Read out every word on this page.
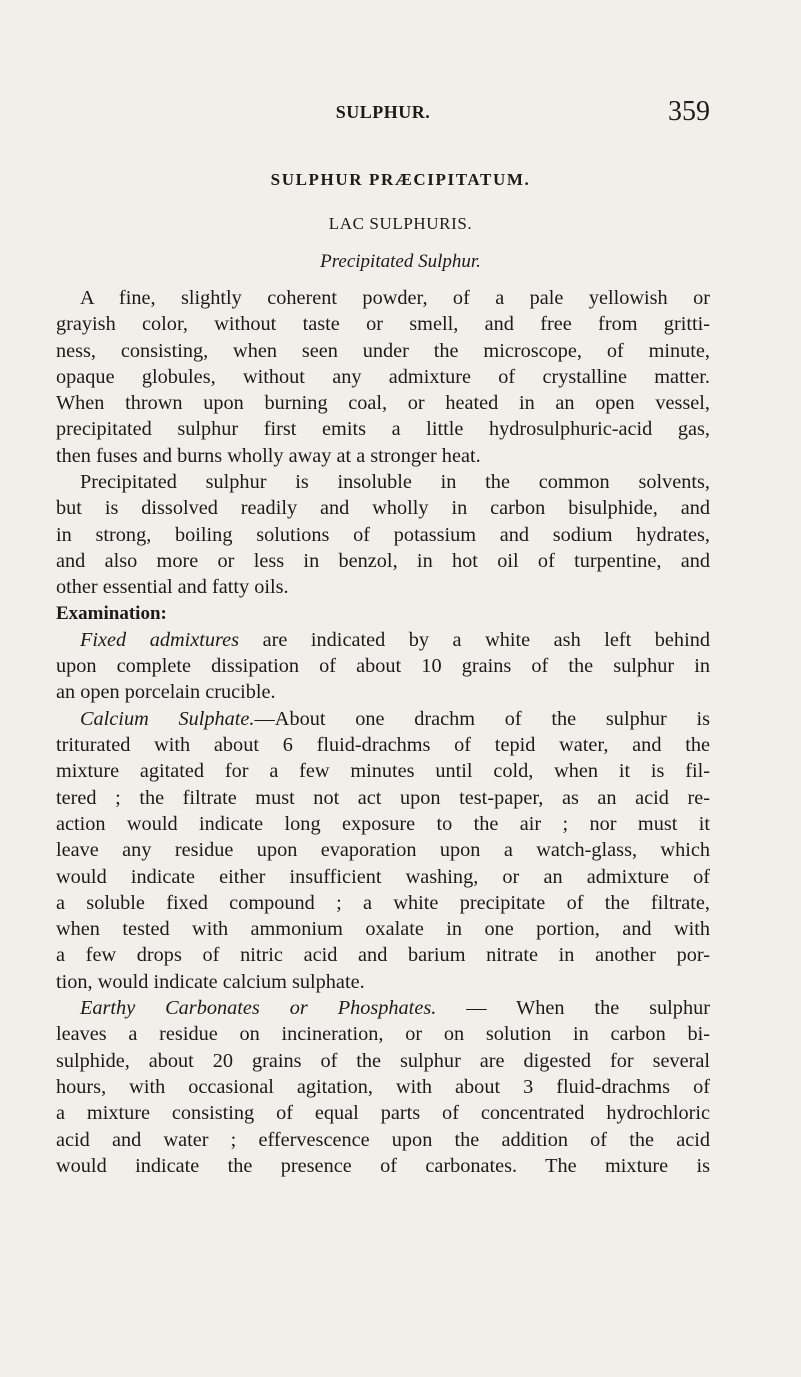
SULPHUR.	359
SULPHUR PRÆCIPITATUM.
LAC SULPHURIS.
Precipitated Sulphur.
A fine, slightly coherent powder, of a pale yellowish or
grayish color, without taste or smell, and free from gritti-
ness, consisting, when seen under the microscope, of minute,
opaque globules, without any admixture of crystalline matter.
When thrown upon burning coal, or heated in an open vessel,
precipitated sulphur first emits a little hydrosulphuric-acid gas,
then fuses and burns wholly away at a stronger heat.
Precipitated sulphur is insoluble in the common solvents,
but is dissolved readily and wholly in carbon bisulphide, and
in strong, boiling solutions of potassium and sodium hydrates,
and also more or less in benzol, in hot oil of turpentine, and
other essential and fatty oils.
Examination:
Fixed admixtures are indicated by a white ash left behind
upon complete dissipation of about 10 grains of the sulphur in
an open porcelain crucible.
Calcium Sulphate.—About one drachm of the sulphur is
triturated with about 6 fluid-drachms of tepid water, and the
mixture agitated for a few minutes until cold, when it is fil-
tered ; the filtrate must not act upon test-paper, as an acid re-
action would indicate long exposure to the air ; nor must it
leave any residue upon evaporation upon a watch-glass, which
would indicate either insufficient washing, or an admixture of
a soluble fixed compound ; a white precipitate of the filtrate,
when tested with ammonium oxalate in one portion, and with
a few drops of nitric acid and barium nitrate in another por-
tion, would indicate calcium sulphate.
Earthy Carbonates or Phosphates. — When the sulphur
leaves a residue on incineration, or on solution in carbon bi-
sulphide, about 20 grains of the sulphur are digested for several
hours, with occasional agitation, with about 3 fluid-drachms of
a mixture consisting of equal parts of concentrated hydrochloric
acid and water ; effervescence upon the addition of the acid
would indicate the presence of carbonates. The mixture is
